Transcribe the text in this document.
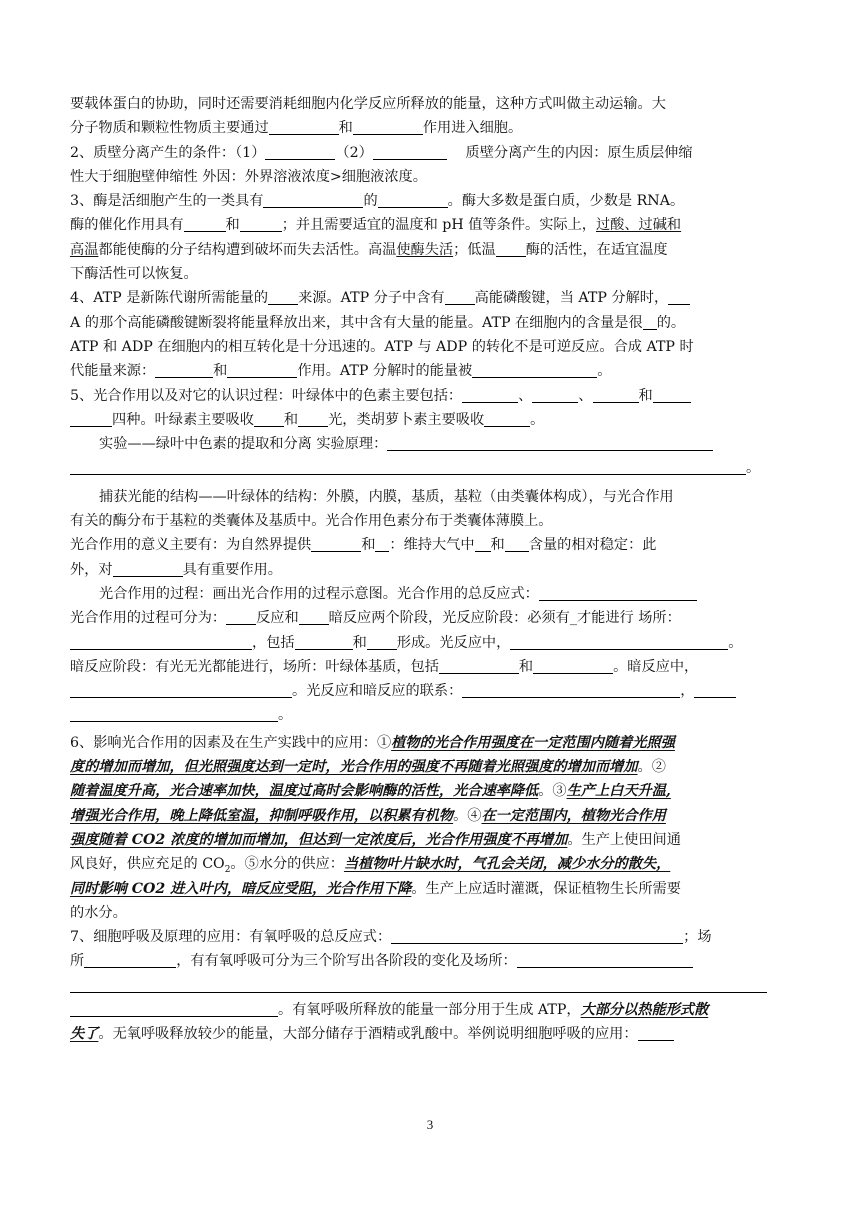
要载体蛋白的协助，同时还需要消耗细胞内化学反应所释放的能量，这种方式叫做主动运输。大
分子物质和颗粒性物质主要通过	和	作用进入细胞。
2、质壁分离产生的条件：（1）	（2）	　 质壁分离产生的内因：原生质层伸缩
性大于细胞壁伸缩性 外因：外界溶液浓度>细胞液浓度。
3、酶是活细胞产生的一类具有	的	。酶大多数是蛋白质，少数是 RNA。
酶的催化作用具有	和	；并且需要适宜的温度和 pH 值等条件。实际上，过酸、过碱和
高温都能使酶的分子结构遭到破坏而失去活性。高温使酶失活；低温 酶的活性，在适宜温度
下酶活性可以恢复。
4、ATP 是新陈代谢所需能量的 来源。ATP 分子中含有 高能磷酸键，当 ATP 分解时，
A 的那个高能磷酸键断裂将能量释放出来，其中含有大量的能量。ATP 在细胞内的含量是很 的。
ATP 和 ADP 在细胞内的相互转化是十分迅速的。ATP 与 ADP 的转化不是可逆反应。合成 ATP 时
代能量来源：	和	作用。ATP 分解时的能量被	。
5、光合作用以及对它的认识过程：叶绿体中的色素主要包括：	、	、	和
四种。叶绿素主要吸收 和 光，类胡萝卜素主要吸收	。
实验——绿叶中色素的提取和分离 实验原理：
。
捕获光能的结构——叶绿体的结构：外膜，内膜，基质，基粒（由类囊体构成），与光合作用
有关的酶分布于基粒的类囊体及基质中。光合作用色素分布于类囊体薄膜上。
光合作用的意义主要有：为自然界提供	和 ：维持大气中 和 含量的相对稳定：此
外，对	具有重要作用。
光合作用的过程：画出光合作用的过程示意图。光合作用的总反应式：
光合作用的过程可分为： 反应和 暗反应两个阶段，光反应阶段：必须有_才能进行 场所：
，包括	和 形成。光反应中，	。
暗反应阶段：有光无光都能进行，场所：叶绿体基质，包括	和	。暗反应中，
。光反应和暗反应的联系：	，
。
6、影响光合作用的因素及在生产实践中的应用：①植物的光合作用强度在一定范围内随着光照强
度的增加而增加，但光照强度达到一定时，光合作用的强度不再随着光照强度的增加而增加。②
随着温度升高，光合速率加快，温度过高时会影响酶的活性，光合速率降低。③生产上白天升温,
增强光合作用，晚上降低室温，抑制呼吸作用，以积累有机物。④在一定范围内，植物光合作用
强度随着 CO2 浓度的增加而增加，但达到一定浓度后，光合作用强度不再增加。生产上使田间通
风良好，供应充足的 $CO_2$。⑤水分的供应：当植物叶片缺水时，气孔会关闭，减少水分的散失，
同时影响 CO2 进入叶内，暗反应受阻，光合作用下降。生产上应适时灌溉，保证植物生长所需要
的水分。
7、细胞呼吸及原理的应用：有氧呼吸的总反应式：	；场
所	，有有氧呼吸可分为三个阶写出各阶段的变化及场所：
。有氧呼吸所释放的能量一部分用于生成 ATP，大部分以热能形式散
失了。无氧呼吸释放较少的能量，大部分储存于酒精或乳酸中。举例说明细胞呼吸的应用：
3
